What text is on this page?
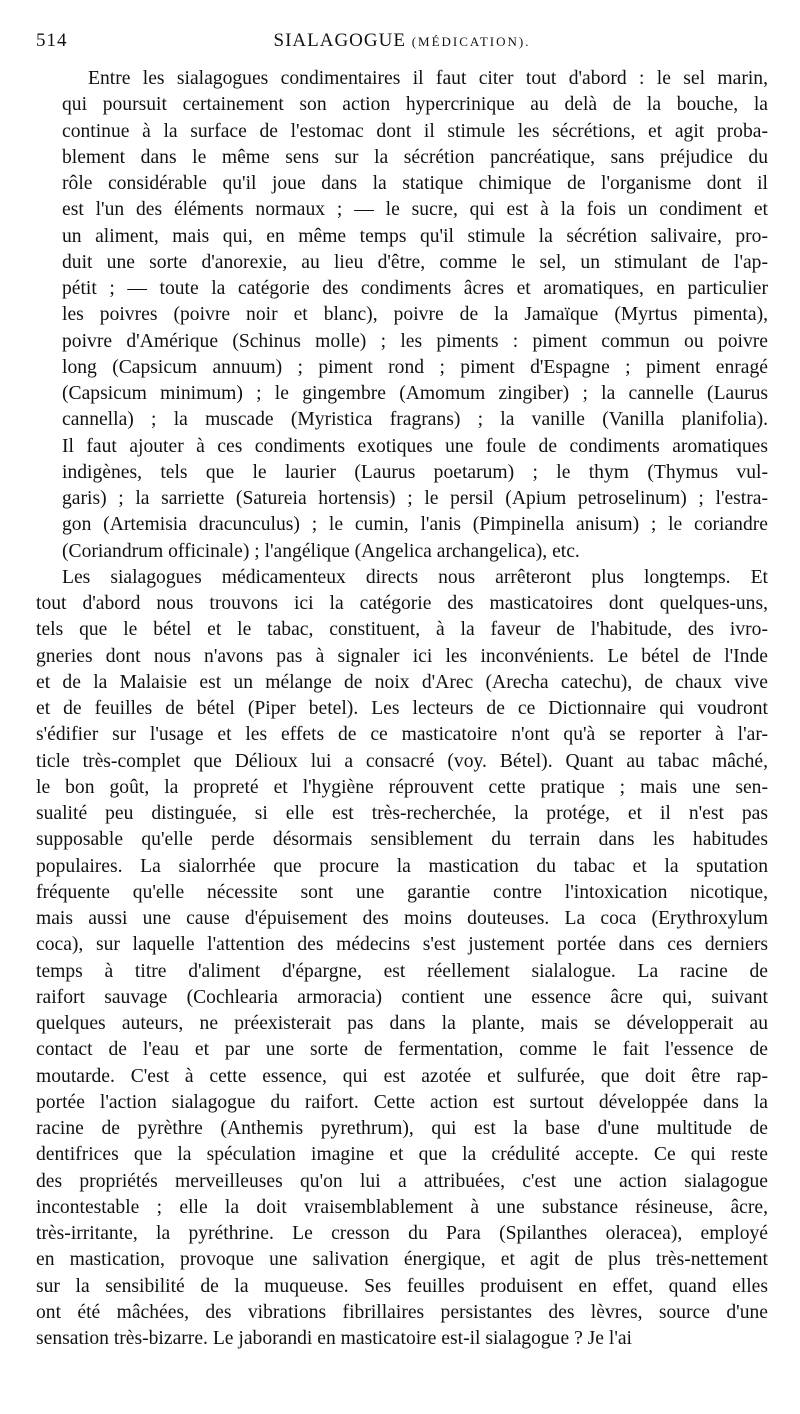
514	SIALAGOGUE (MÉDICATION).
Entre les sialagogues condimentaires il faut citer tout d'abord : le sel marin,
qui poursuit certainement son action hypercrinique au delà de la bouche, la
continue à la surface de l'estomac dont il stimule les sécrétions, et agit proba-
blement dans le même sens sur la sécrétion pancréatique, sans préjudice du
rôle considérable qu'il joue dans la statique chimique de l'organisme dont il
est l'un des éléments normaux ; — le sucre, qui est à la fois un condiment et
un aliment, mais qui, en même temps qu'il stimule la sécrétion salivaire, pro-
duit une sorte d'anorexie, au lieu d'être, comme le sel, un stimulant de l'ap-
pétit ; — toute la catégorie des condiments âcres et aromatiques, en particulier
les poivres (poivre noir et blanc), poivre de la Jamaïque (Myrtus pimenta),
poivre d'Amérique (Schinus molle) ; les piments : piment commun ou poivre
long (Capsicum annuum) ; piment rond ; piment d'Espagne ; piment enragé
(Capsicum minimum) ; le gingembre (Amomum zingiber) ; la cannelle (Laurus
cannella) ; la muscade (Myristica fragrans) ; la vanille (Vanilla planifolia).
Il faut ajouter à ces condiments exotiques une foule de condiments aromatiques
indigènes, tels que le laurier (Laurus poetarum) ; le thym (Thymus vul-
garis) ; la sarriette (Satureia hortensis) ; le persil (Apium petroselinum) ; l'estra-
gon (Artemisia dracunculus) ; le cumin, l'anis (Pimpinella anisum) ; le coriandre
(Coriandrum officinale) ; l'angélique (Angelica archangelica), etc.
Les sialagogues médicamenteux directs nous arrêteront plus longtemps. Et
tout d'abord nous trouvons ici la catégorie des masticatoires dont quelques-uns,
tels que le bétel et le tabac, constituent, à la faveur de l'habitude, des ivro-
gneries dont nous n'avons pas à signaler ici les inconvénients. Le bétel de l'Inde
et de la Malaisie est un mélange de noix d'Arec (Arecha catechu), de chaux vive
et de feuilles de bétel (Piper betel). Les lecteurs de ce Dictionnaire qui voudront
s'édifier sur l'usage et les effets de ce masticatoire n'ont qu'à se reporter à l'ar-
ticle très-complet que Délioux lui a consacré (voy. Bétel). Quant au tabac mâché,
le bon goût, la propreté et l'hygiène réprouvent cette pratique ; mais une sen-
sualité peu distinguée, si elle est très-recherchée, la protége, et il n'est pas
supposable qu'elle perde désormais sensiblement du terrain dans les habitudes
populaires. La sialorrhée que procure la mastication du tabac et la sputation
fréquente qu'elle nécessite sont une garantie contre l'intoxication nicotique,
mais aussi une cause d'épuisement des moins douteuses. La coca (Erythroxylum
coca), sur laquelle l'attention des médecins s'est justement portée dans ces derniers
temps à titre d'aliment d'épargne, est réellement sialalogue. La racine de
raifort sauvage (Cochlearia armoracia) contient une essence âcre qui, suivant
quelques auteurs, ne préexisterait pas dans la plante, mais se développerait au
contact de l'eau et par une sorte de fermentation, comme le fait l'essence de
moutarde. C'est à cette essence, qui est azotée et sulfurée, que doit être rap-
portée l'action sialagogue du raifort. Cette action est surtout développée dans la
racine de pyrèthre (Anthemis pyrethrum), qui est la base d'une multitude de
dentifrices que la spéculation imagine et que la crédulité accepte. Ce qui reste
des propriétés merveilleuses qu'on lui a attribuées, c'est une action sialagogue
incontestable ; elle la doit vraisemblablement à une substance résineuse, âcre,
très-irritante, la pyréthrine. Le cresson du Para (Spilanthes oleracea), employé
en mastication, provoque une salivation énergique, et agit de plus très-nettement
sur la sensibilité de la muqueuse. Ses feuilles produisent en effet, quand elles
ont été mâchées, des vibrations fibrillaires persistantes des lèvres, source d'une
sensation très-bizarre. Le jaborandi en masticatoire est-il sialagogue ? Je l'ai
